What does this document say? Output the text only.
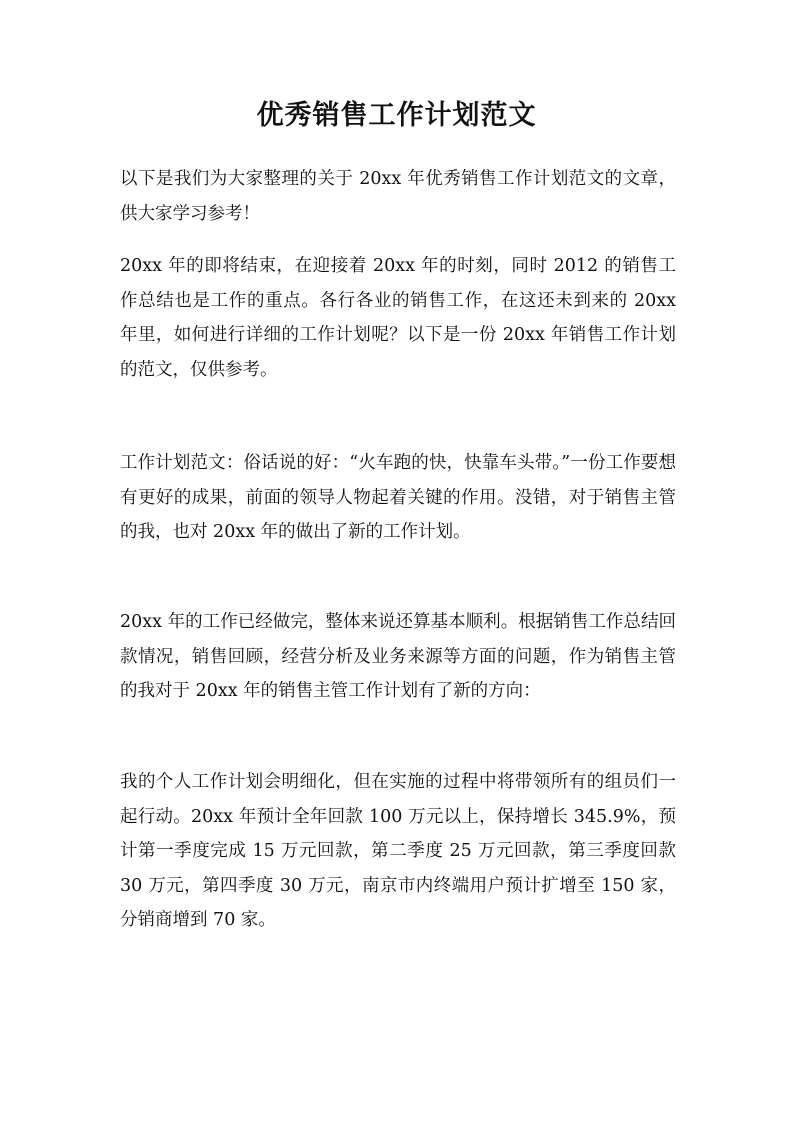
优秀销售工作计划范文

以下是我们为大家整理的关于 20xx 年优秀销售工作计划范文的文章，供大家学习参考！

20xx 年的即将结束，在迎接着 20xx 年的时刻，同时 2012 的销售工作总结也是工作的重点。各行各业的销售工作，在这还未到来的 20xx 年里，如何进行详细的工作计划呢？以下是一份 20xx 年销售工作计划的范文，仅供参考。

工作计划范文：俗话说的好：“火车跑的快，快靠车头带。”一份工作要想有更好的成果，前面的领导人物起着关键的作用。没错，对于销售主管的我，也对 20xx 年的做出了新的工作计划。

20xx 年的工作已经做完，整体来说还算基本顺利。根据销售工作总结回款情况，销售回顾，经营分析及业务来源等方面的问题，作为销售主管的我对于 20xx 年的销售主管工作计划有了新的方向：

我的个人工作计划会明细化，但在实施的过程中将带领所有的组员们一起行动。20xx 年预计全年回款 100 万元以上，保持增长 345.9%，预计第一季度完成 15 万元回款，第二季度 25 万元回款，第三季度回款 30 万元，第四季度 30 万元，南京市内终端用户预计扩增至 150 家，分销商增到 70 家。
